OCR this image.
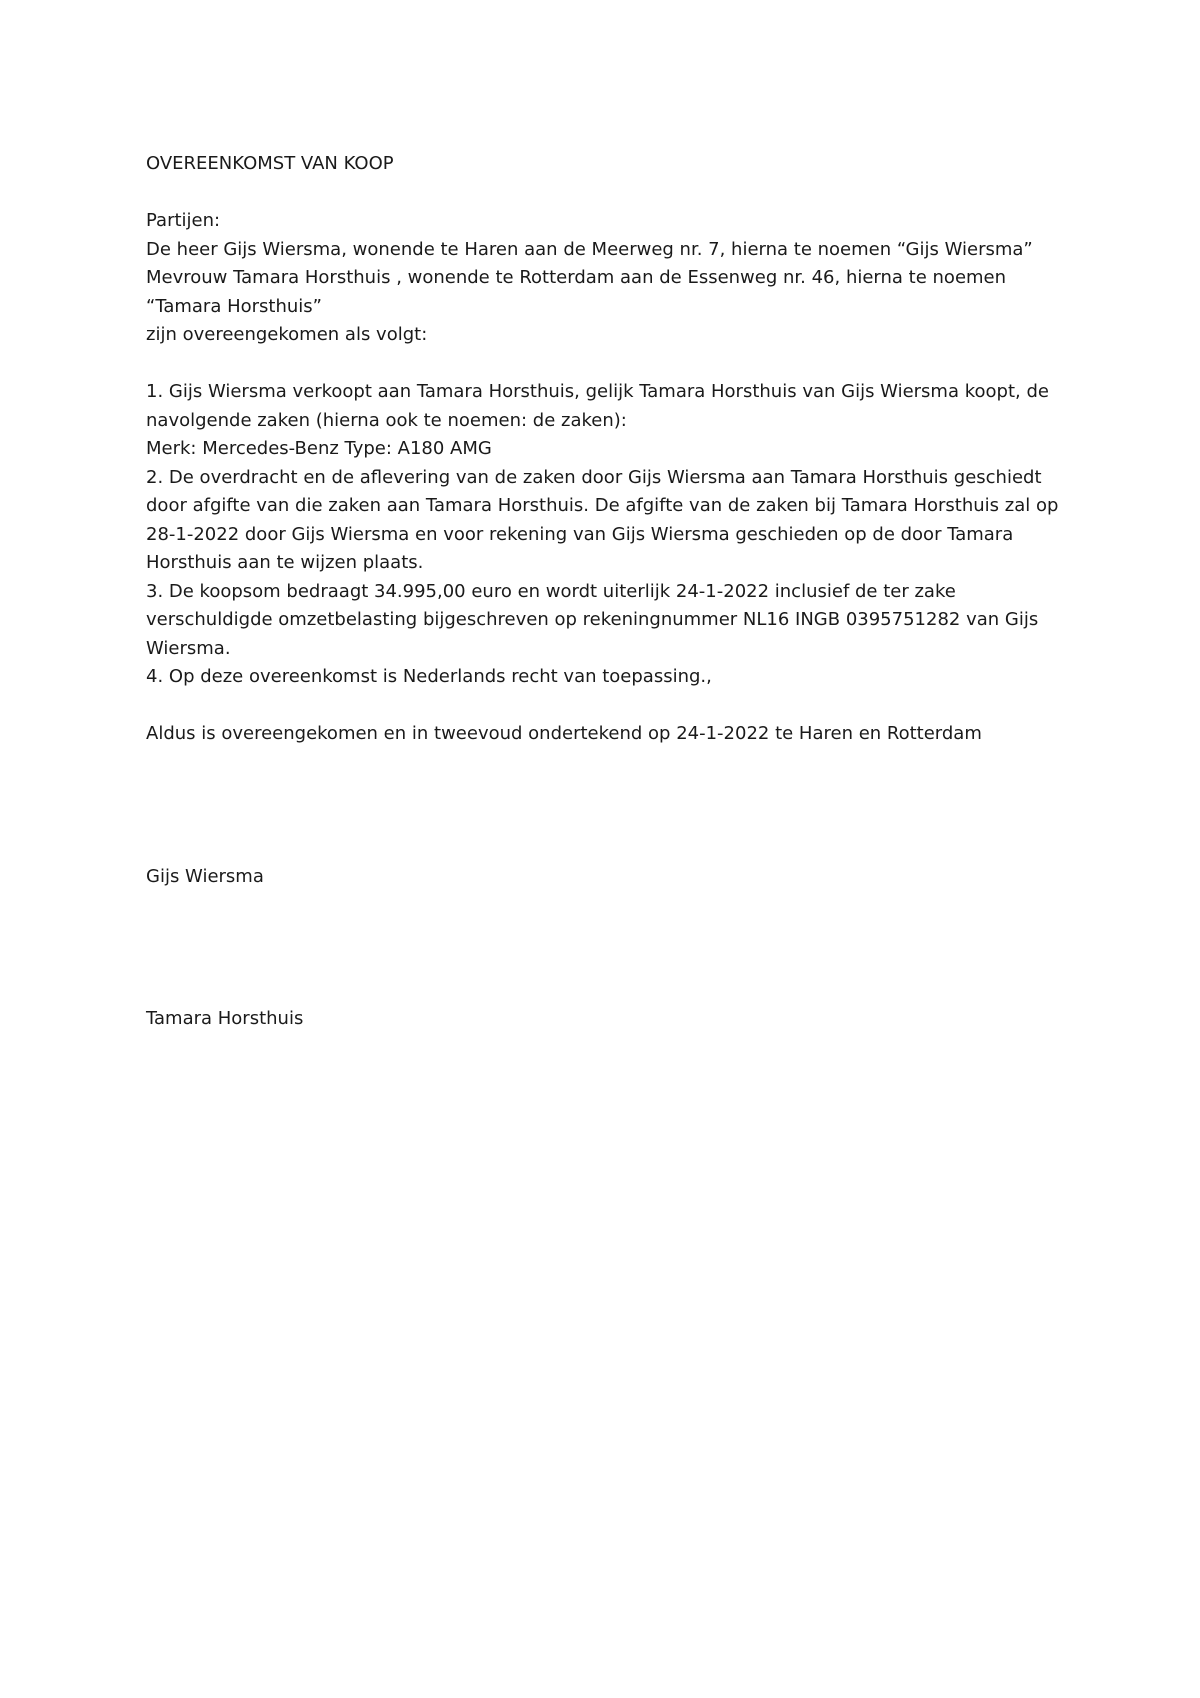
OVEREENKOMST VAN KOOP

Partijen:

De heer Gijs Wiersma, wonende te Haren aan de Meerweg nr. 7, hierna te noemen “Gijs Wiersma”

Mevrouw Tamara Horsthuis , wonende te Rotterdam aan de Essenweg nr. 46, hierna te noemen

“Tamara Horsthuis”

zijn overeengekomen als volgt:

1. Gijs Wiersma verkoopt aan Tamara Horsthuis, gelijk Tamara Horsthuis van Gijs Wiersma koopt, de

navolgende zaken (hierna ook te noemen: de zaken):

Merk: Mercedes-Benz Type: A180 AMG

2. De overdracht en de aflevering van de zaken door Gijs Wiersma aan Tamara Horsthuis geschiedt

door afgifte van die zaken aan Tamara Horsthuis. De afgifte van de zaken bij Tamara Horsthuis zal op

28-1-2022 door Gijs Wiersma en voor rekening van Gijs Wiersma geschieden op de door Tamara

Horsthuis aan te wijzen plaats.

3. De koopsom bedraagt 34.995,00 euro en wordt uiterlijk 24-1-2022 inclusief de ter zake

verschuldigde omzetbelasting bijgeschreven op rekeningnummer NL16 INGB 0395751282 van Gijs

Wiersma.

4. Op deze overeenkomst is Nederlands recht van toepassing.,

Aldus is overeengekomen en in tweevoud ondertekend op 24-1-2022 te Haren en Rotterdam

Gijs Wiersma

Tamara Horsthuis
